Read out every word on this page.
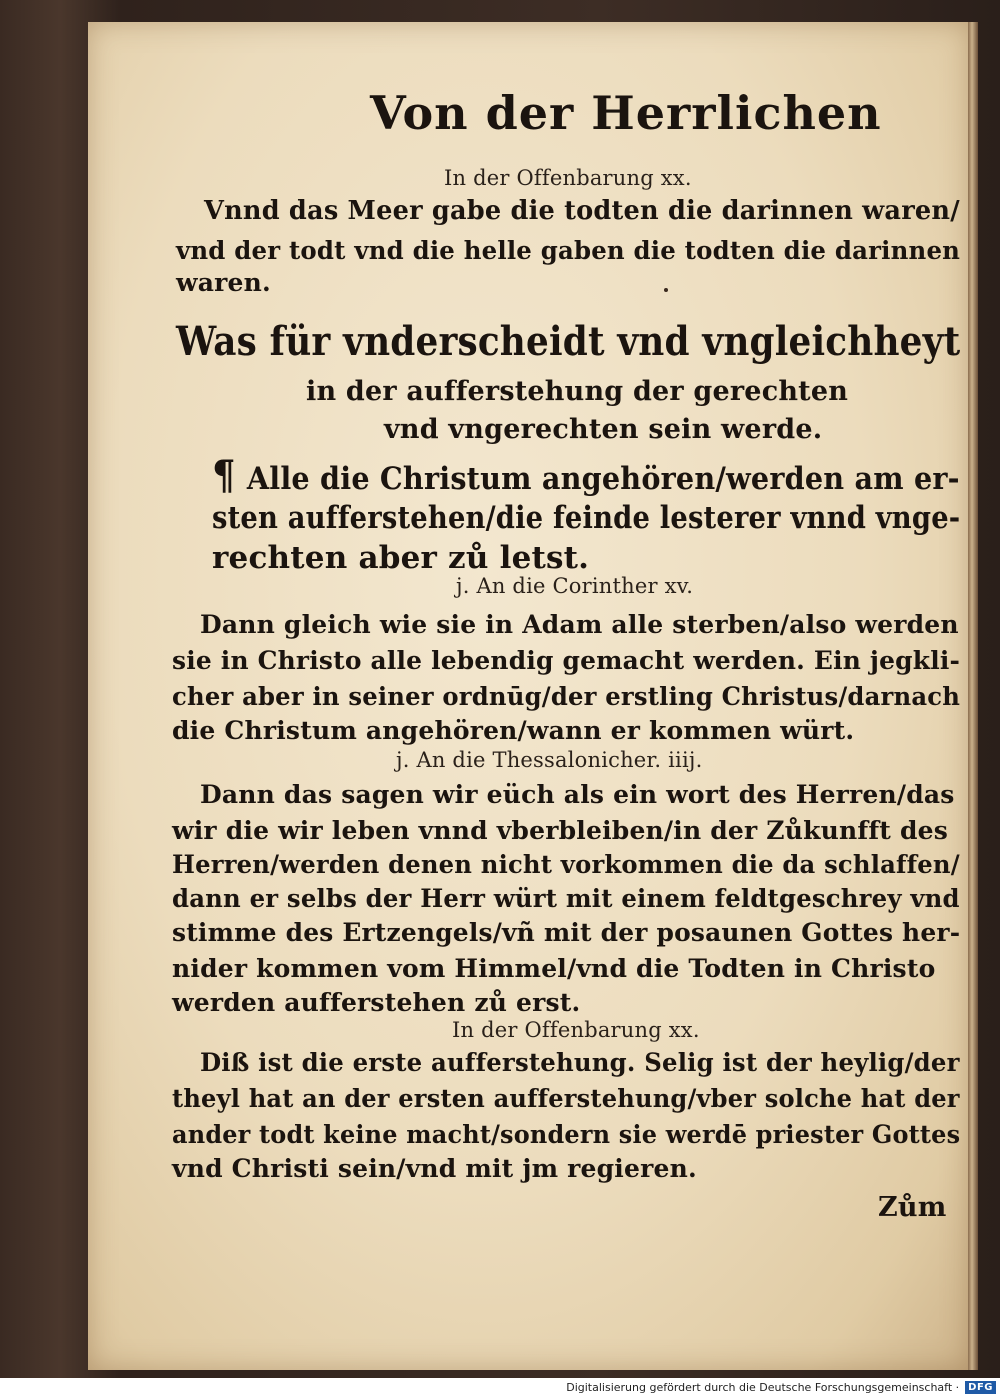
Von der Herrlichen
In der Offenbarung xx.
Vnnd das Meer gabe die todten die darinnen waren/
vnd der todt vnd die helle gaben die todten die darinnen
waren.
Was für vnderscheidt vnd vngleichheyt
in der aufferstehung der gerechten
vnd vngerechten sein werde.
¶ Alle die Christum angehören/werden am er-
sten aufferstehen/die feinde lesterer vnnd vnge-
rechten aber zů letst.
j. An die Corinther xv.
Dann gleich wie sie in Adam alle sterben/also werden
sie in Christo alle lebendig gemacht werden. Ein jegkli-
cher aber in seiner ordnūg/der erstling Christus/darnach
die Christum angehören/wann er kommen würt.
j. An die Thessalonicher. iiij.
Dann das sagen wir eüch als ein wort des Herren/das
wir die wir leben vnnd vberbleiben/in der Zůkunfft des
Herren/werden denen nicht vorkommen die da schlaffen/
dann er selbs der Herr würt mit einem feldtgeschrey vnd
stimme des Ertzengels/vñ mit der posaunen Gottes her-
nider kommen vom Himmel/vnd die Todten in Christo
werden aufferstehen zů erst.
In der Offenbarung xx.
Diß ist die erste aufferstehung. Selig ist der heylig/der
theyl hat an der ersten aufferstehung/vber solche hat der
ander todt keine macht/sondern sie werdē priester Gottes
vnd Christi sein/vnd mit jm regieren.
Zům
Digitalisierung gefördert durch die Deutsche Forschungsgemeinschaft · DFG
